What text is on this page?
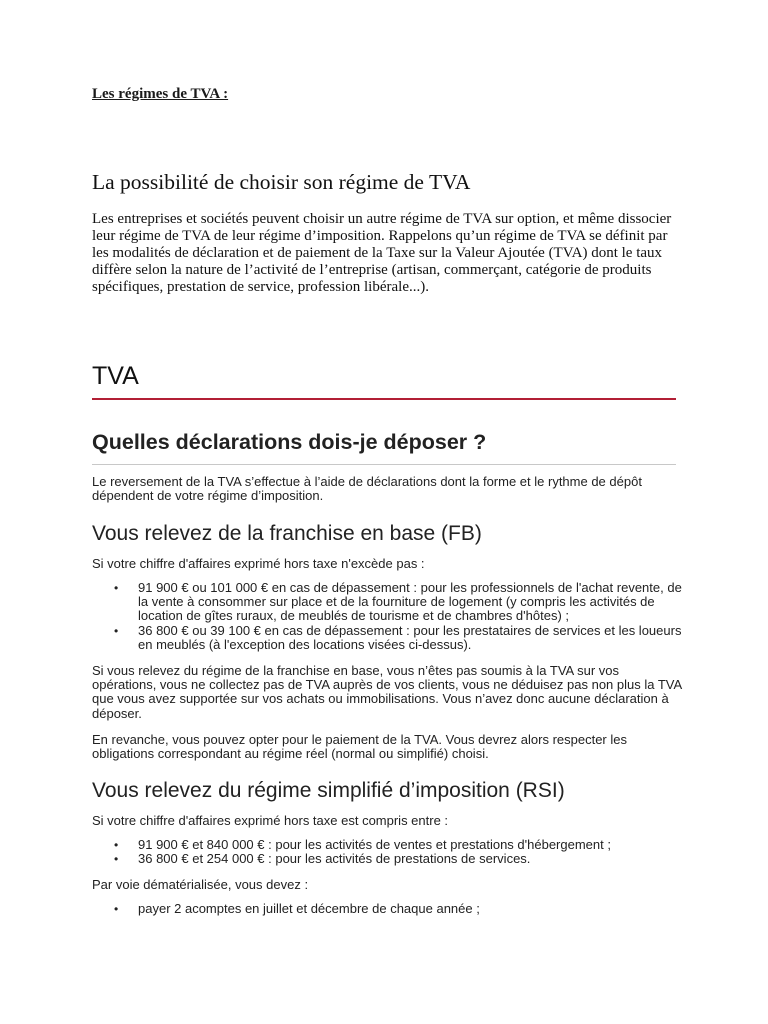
Les régimes de TVA :
La possibilité de choisir son régime de TVA

Les entreprises et sociétés peuvent choisir un autre régime de TVA sur option, et même dissocier leur régime de TVA de leur régime d’imposition. Rappelons qu’un régime de TVA se définit par les modalités de déclaration et de paiement de la Taxe sur la Valeur Ajoutée (TVA) dont le taux diffère selon la nature de l’activité de l’entreprise (artisan, commerçant, catégorie de produits spécifiques, prestation de service, profession libérale...).

TVA
Quelles déclarations dois-je déposer ?

Le reversement de la TVA s’effectue à l’aide de déclarations dont la forme et le rythme de dépôt dépendent de votre régime d’imposition.

Vous relevez de la franchise en base (FB)

Si votre chiffre d'affaires exprimé hors taxe n'excède pas :

• 91 900 € ou 101 000 € en cas de dépassement : pour les professionnels de l'achat revente, de la vente à consommer sur place et de la fourniture de logement (y compris les activités de location de gîtes ruraux, de meublés de tourisme et de chambres d'hôtes) ;
• 36 800 € ou 39 100 € en cas de dépassement : pour les prestataires de services et les loueurs en meublés (à l'exception des locations visées ci-dessus).

Si vous relevez du régime de la franchise en base, vous n’êtes pas soumis à la TVA sur vos opérations, vous ne collectez pas de TVA auprès de vos clients, vous ne déduisez pas non plus la TVA que vous avez supportée sur vos achats ou immobilisations. Vous n’avez donc aucune déclaration à déposer.

En revanche, vous pouvez opter pour le paiement de la TVA. Vous devrez alors respecter les obligations correspondant au régime réel (normal ou simplifié) choisi.

Vous relevez du régime simplifié d’imposition (RSI)

Si votre chiffre d'affaires exprimé hors taxe est compris entre :

• 91 900 € et 840 000 € : pour les activités de ventes et prestations d'hébergement ;
• 36 800 € et 254 000 € : pour les activités de prestations de services.

Par voie dématérialisée, vous devez :

• payer 2 acomptes en juillet et décembre de chaque année ;
